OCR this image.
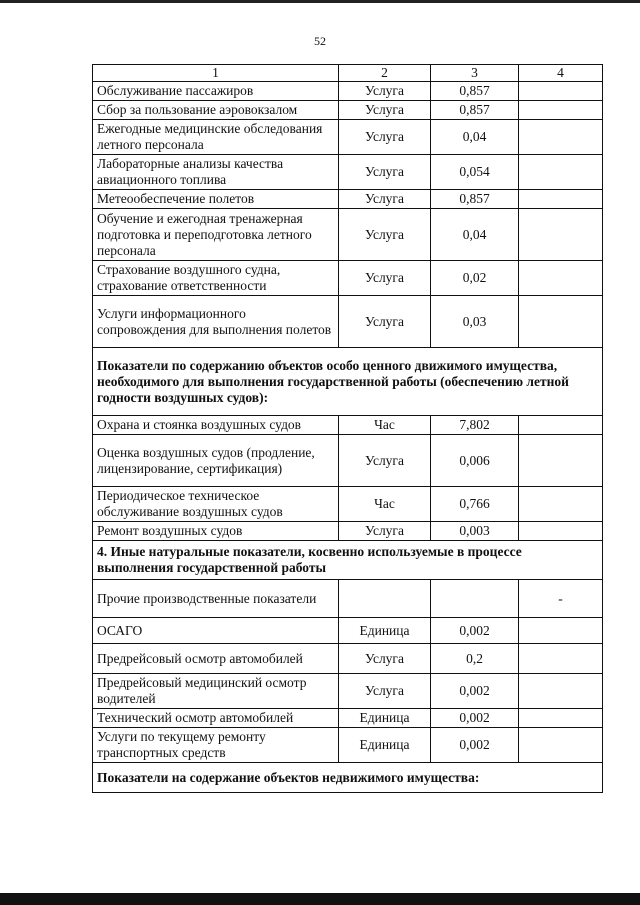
52
1	2	3	4
Обслуживание пассажиров	Услуга	0,857	
Сбор за пользование аэровокзалом	Услуга	0,857	
Ежегодные медицинские обследования летного персонала	Услуга	0,04	
Лабораторные анализы качества авиационного топлива	Услуга	0,054	
Метеообеспечение полетов	Услуга	0,857	
Обучение и ежегодная тренажерная подготовка и переподготовка летного персонала	Услуга	0,04	
Страхование воздушного судна, страхование ответственности	Услуга	0,02	
Услуги информационного сопровождения для выполнения полетов	Услуга	0,03	
Показатели по содержанию объектов особо ценного движимого имущества, необходимого для выполнения государственной работы (обеспечению летной годности воздушных судов):			
Охрана и стоянка воздушных судов	Час	7,802	
Оценка воздушных судов (продление, лицензирование, сертификация)	Услуга	0,006	
Периодическое техническое обслуживание воздушных судов	Час	0,766	
Ремонт воздушных судов	Услуга	0,003	
4. Иные натуральные показатели, косвенно используемые в процессе выполнения государственной работы			
Прочие производственные показатели			-
ОСАГО	Единица	0,002	
Предрейсовый осмотр автомобилей	Услуга	0,2	
Предрейсовый медицинский осмотр водителей	Услуга	0,002	
Технический осмотр автомобилей	Единица	0,002	
Услуги по текущему ремонту транспортных средств	Единица	0,002	
Показатели на содержание объектов недвижимого имущества:			
